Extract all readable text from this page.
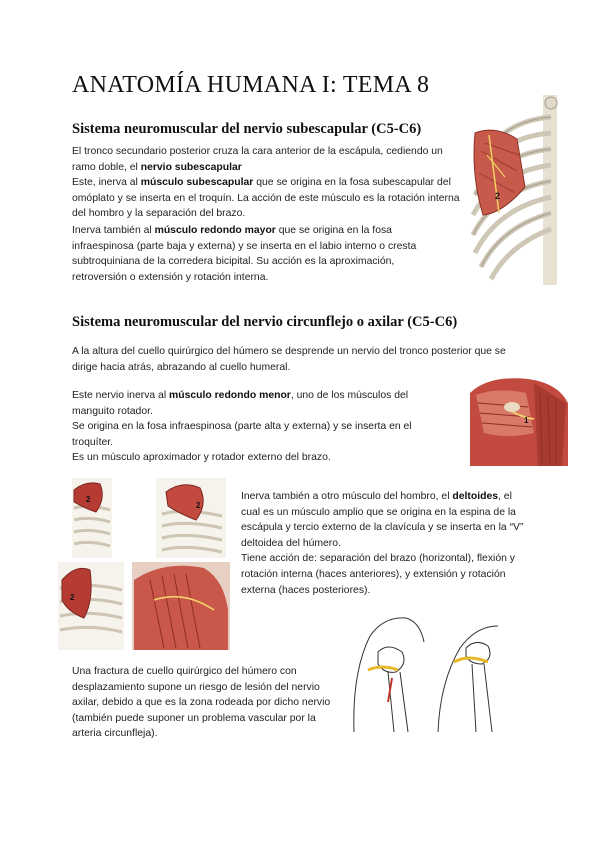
ANATOMÍA HUMANA I: TEMA 8
Sistema neuromuscular del nervio subescapular (C5-C6)
El tronco secundario posterior cruza la cara anterior de la escápula, cediendo un ramo doble, el nervio subescapular
Este, inerva al músculo subescapular que se origina en la fosa subescapular del omóplato y se inserta en el troquín. La acción de este músculo es la rotación interna del hombro y la separación del brazo.
Inerva también al músculo redondo mayor que se origina en la fosa infraespinosa (parte baja y externa) y se inserta en el labio interno o cresta subtroquiniana de la corredera bicipital. Su acción es la aproximación, retroversión o extensión y rotación interna.
2
Sistema neuromuscular del nervio circunflejo o axilar (C5-C6)
A la altura del cuello quirúrgico del húmero se desprende un nervio del tronco posterior que se dirige hacia atrás, abrazando al cuello humeral.
Este nervio inerva al músculo redondo menor, uno de los músculos del manguito rotador.
Se origina en la fosa infraespinosa (parte alta y externa) y se inserta en el troquíter.
Es un músculo aproximador y rotador externo del brazo.
1
2
2
2
Inerva también a otro músculo del hombro, el deltoides, el cual es un músculo amplio que se origina en la espina de la escápula y tercio externo de la clavícula y se inserta en la “V” deltoidea del húmero.
Tiene acción de: separación del brazo (horizontal), flexión y rotación interna (haces anteriores), y extensión y rotación externa (haces posteriores).
Una fractura de cuello quirúrgico del húmero con desplazamiento supone un riesgo de lesión del nervio axilar, debido a que es la zona rodeada por dicho nervio (también puede suponer un problema vascular por la arteria circunfleja).
